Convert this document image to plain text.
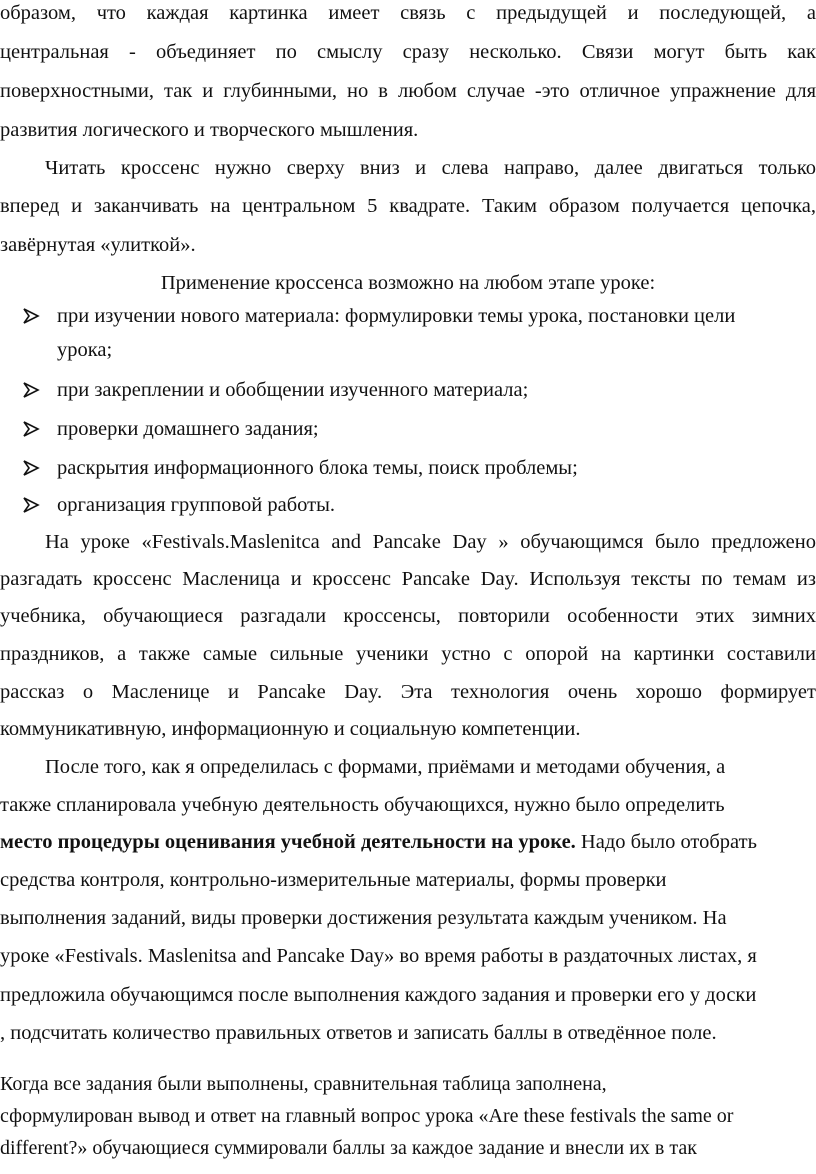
образом, что каждая картинка имеет связь с предыдущей и последующей, а
центральная - объединяет по смыслу сразу несколько. Связи могут быть как
поверхностными, так и глубинными, но в любом случае -это отличное упражнение для
развития логического и творческого мышления.
Читать кроссенс нужно сверху вниз и слева направо, далее двигаться только
вперед и заканчивать на центральном 5 квадрате. Таким образом получается цепочка,
завёрнутая «улиткой».
Применение кроссенса возможно на любом этапе уроке:
при изучении нового материала: формулировки темы урока, постановки цели
урока;
при закреплении и обобщении изученного материала;
проверки домашнего задания;
раскрытия информационного блока темы, поиск проблемы;
организация групповой работы.
На уроке «Festivals.Maslenitca and Pancake Day » обучающимся было предложено
разгадать кроссенс Масленица и кроссенс Pancake Day. Используя тексты по темам из
учебника, обучающиеся разгадали кроссенсы, повторили особенности этих зимних
праздников, а также самые сильные ученики устно с опорой на картинки составили
рассказ о Масленице и Pancake Day. Эта технология очень хорошо формирует
коммуникативную, информационную и социальную компетенции.
После того, как я определилась с формами, приёмами и методами обучения, а
также спланировала учебную деятельность обучающихся, нужно было определить
место процедуры оценивания учебной деятельности на уроке. Надо было отобрать
средства контроля, контрольно-измерительные материалы, формы проверки
выполнения заданий, виды проверки достижения результата каждым учеником. На
уроке «Festivals. Maslenitsa and Pancake Day» во время работы в раздаточных листах, я
предложила обучающимся после выполнения каждого задания и проверки его у доски
, подсчитать количество правильных ответов и записать баллы в отведённое поле.
Когда все задания были выполнены, сравнительная таблица заполнена,
сформулирован вывод и ответ на главный вопрос урока «Are these festivals the same or
different?» обучающиеся суммировали баллы за каждое задание и внесли их в так
